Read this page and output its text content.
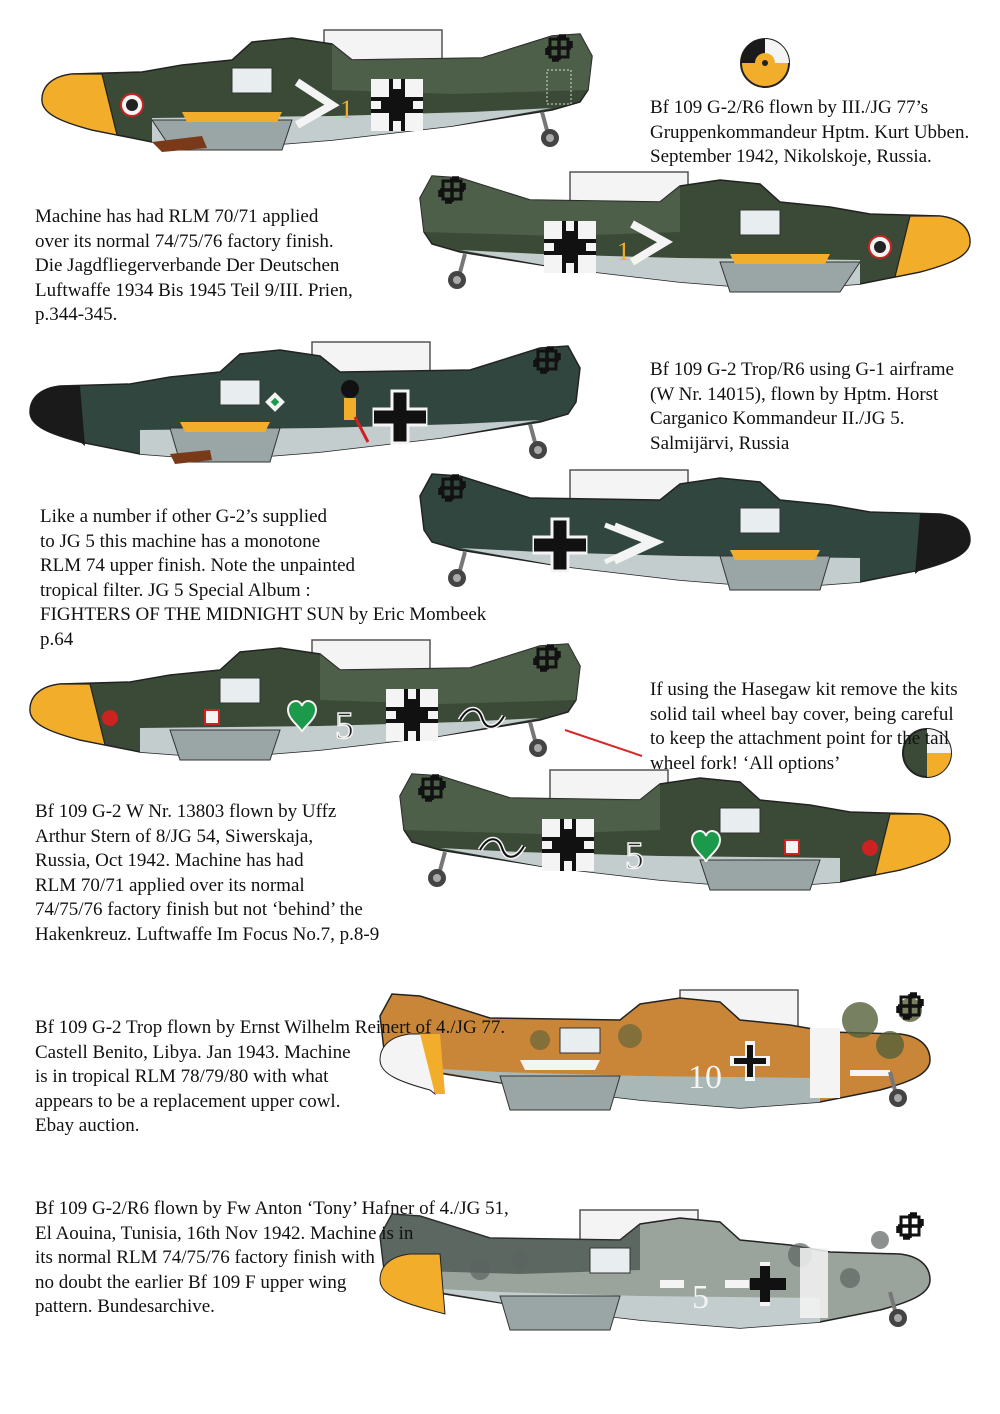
1
1
5
5
10
5
Bf 109 G-2/R6 flown by III./JG 77’s
Gruppenkommandeur Hptm. Kurt Ubben.
September 1942, Nikolskoje, Russia.
Machine has had RLM 70/71 applied
over its normal 74/75/76 factory finish.
Die Jagdfliegerverbande Der Deutschen
Luftwaffe 1934 Bis 1945 Teil 9/III. Prien,
p.344-345.
Bf 109 G-2 Trop/R6 using G-1 airframe
(W Nr. 14015), flown by Hptm. Horst
Carganico Kommandeur II./JG 5.
Salmijärvi, Russia
Like a number if other G-2’s supplied
to JG 5 this machine has a monotone
RLM 74 upper finish. Note the unpainted
tropical filter. JG 5 Special Album :
FIGHTERS OF THE MIDNIGHT SUN by Eric Mombeek
p.64
If using the Hasegaw kit remove the kits
solid tail wheel bay cover, being careful
to keep the attachment point for the tail
wheel fork! ‘All options’
Bf 109 G-2 W Nr. 13803 flown by Uffz
Arthur Stern of 8/JG 54, Siwerskaja,
Russia, Oct 1942. Machine has had
RLM 70/71 applied over its normal
74/75/76 factory finish but not ‘behind’ the
Hakenkreuz. Luftwaffe Im Focus No.7, p.8-9
Bf 109 G-2 Trop flown by Ernst Wilhelm Reinert of 4./JG 77.
Castell Benito, Libya. Jan 1943. Machine
is in tropical RLM 78/79/80 with what
appears to be a replacement upper cowl.
Ebay auction.
Bf 109 G-2/R6 flown by Fw Anton ‘Tony’ Hafner of 4./JG 51,
El Aouina, Tunisia, 16th Nov 1942. Machine is in
its normal RLM 74/75/76 factory finish with
no doubt the earlier Bf 109 F upper wing
pattern. Bundesarchive.
